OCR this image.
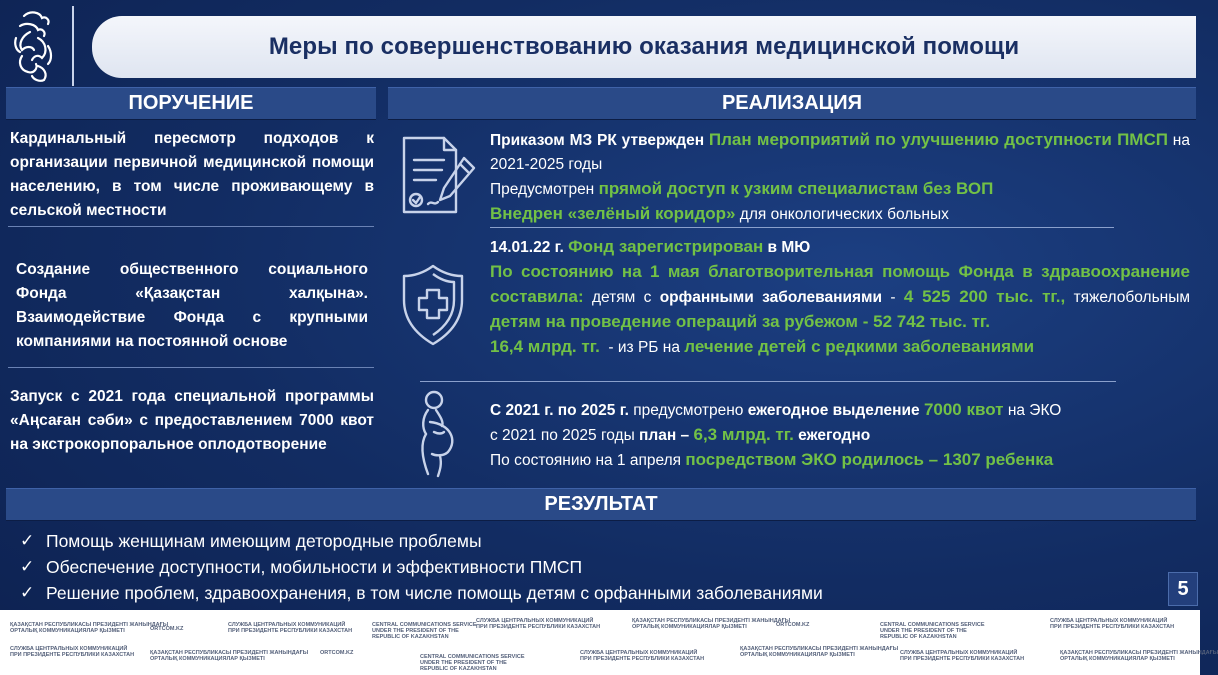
Меры по совершенствованию оказания медицинской помощи
ПОРУЧЕНИЕ	РЕАЛИЗАЦИЯ
Кардинальный пересмотр подходов к организации первичной медицинской помощи населению, в том числе проживающему в сельской местности
Создание общественного социального Фонда «Қазақстан халқына». Взаимодействие Фонда с крупными компаниями на постоянной основе
Запуск с 2021 года специальной программы «Аңсаған сәби» с предоставлением 7000 квот на экстрокорпоральное оплодотворение
Приказом МЗ РК утвержден План мероприятий по улучшению доступности ПМСП на 2021-2025 годы
Предусмотрен прямой доступ к узким специалистам без ВОП
Внедрен «зелёный коридор» для онкологических больных
14.01.22 г. Фонд зарегистрирован в МЮ
По состоянию на 1 мая благотворительная помощь Фонда в здравоохранение составила: детям с орфанными заболеваниями - 4 525 200 тыс. тг., тяжелобольным детям на проведение операций за рубежом - 52 742 тыс. тг.
16,4 млрд. тг.  - из РБ на лечение детей с редкими заболеваниями
С 2021 г. по 2025 г. предусмотрено ежегодное выделение 7000 квот на ЭКО
с 2021 по 2025 годы план – 6,3 млрд. тг. ежегодно
По состоянию на 1 апреля посредством ЭКО родилось – 1307 ребенка
РЕЗУЛЬТАТ
✓ Помощь женщинам имеющим детородные проблемы
✓ Обеспечение доступности, мобильности и эффективности ПМСП
✓ Решение проблем, здравоохранения, в том числе помощь детям с орфанными заболеваниями	5
ҚАЗАҚСТАН РЕСПУБЛИКАСЫ ПРЕЗИДЕНТІ ЖАНЫНДАҒЫ
ОРТАЛЫҚ КОММУНИКАЦИЯЛАР ҚЫЗМЕТІ	ORTCOM.KZ
СЛУЖБА ЦЕНТРАЛЬНЫХ КОММУНИКАЦИЙ
ПРИ ПРЕЗИДЕНТЕ РЕСПУБЛИКИ КАЗАХСТАН
CENTRAL COMMUNICATIONS SERVICE
UNDER THE PRESIDENT OF THE
REPUBLIC OF KAZAKHSTAN
СЛУЖБА ЦЕНТРАЛЬНЫХ КОММУНИКАЦИЙ
ПРИ ПРЕЗИДЕНТЕ РЕСПУБЛИКИ КАЗАХСТАН
ҚАЗАҚСТАН РЕСПУБЛИКАСЫ ПРЕЗИДЕНТІ ЖАНЫНДАҒЫ
ОРТАЛЫҚ КОММУНИКАЦИЯЛАР ҚЫЗМЕТІ	ORTCOM.KZ	CENTRAL COMMUNICATIONS SERVICE
UNDER THE PRESIDENT OF THE
REPUBLIC OF KAZAKHSTAN
СЛУЖБА ЦЕНТРАЛЬНЫХ КОММУНИКАЦИЙ
ПРИ ПРЕЗИДЕНТЕ РЕСПУБЛИКИ КАЗАХСТАН
СЛУЖБА ЦЕНТРАЛЬНЫХ КОММУНИКАЦИЙ
ПРИ ПРЕЗИДЕНТЕ РЕСПУБЛИКИ КАЗАХСТАН	ҚАЗАҚСТАН РЕСПУБЛИКАСЫ ПРЕЗИДЕНТІ ЖАНЫНДАҒЫ
ОРТАЛЫҚ КОММУНИКАЦИЯЛАР ҚЫЗМЕТІ
ORTCOM.KZ
CENTRAL COMMUNICATIONS SERVICE
UNDER THE PRESIDENT OF THE
REPUBLIC OF KAZAKHSTAN
СЛУЖБА ЦЕНТРАЛЬНЫХ КОММУНИКАЦИЙ
ПРИ ПРЕЗИДЕНТЕ РЕСПУБЛИКИ КАЗАХСТАН
ҚАЗАҚСТАН РЕСПУБЛИКАСЫ ПРЕЗИДЕНТІ ЖАНЫНДАҒЫ
ОРТАЛЫҚ КОММУНИКАЦИЯЛАР ҚЫЗМЕТІ	СЛУЖБА ЦЕНТРАЛЬНЫХ КОММУНИКАЦИЙ
ПРИ ПРЕЗИДЕНТЕ РЕСПУБЛИКИ КАЗАХСТАН
ҚАЗАҚСТАН РЕСПУБЛИКАСЫ ПРЕЗИДЕНТІ ЖАНЫНДАҒЫ
ОРТАЛЫҚ КОММУНИКАЦИЯЛАР ҚЫЗМЕТІ
